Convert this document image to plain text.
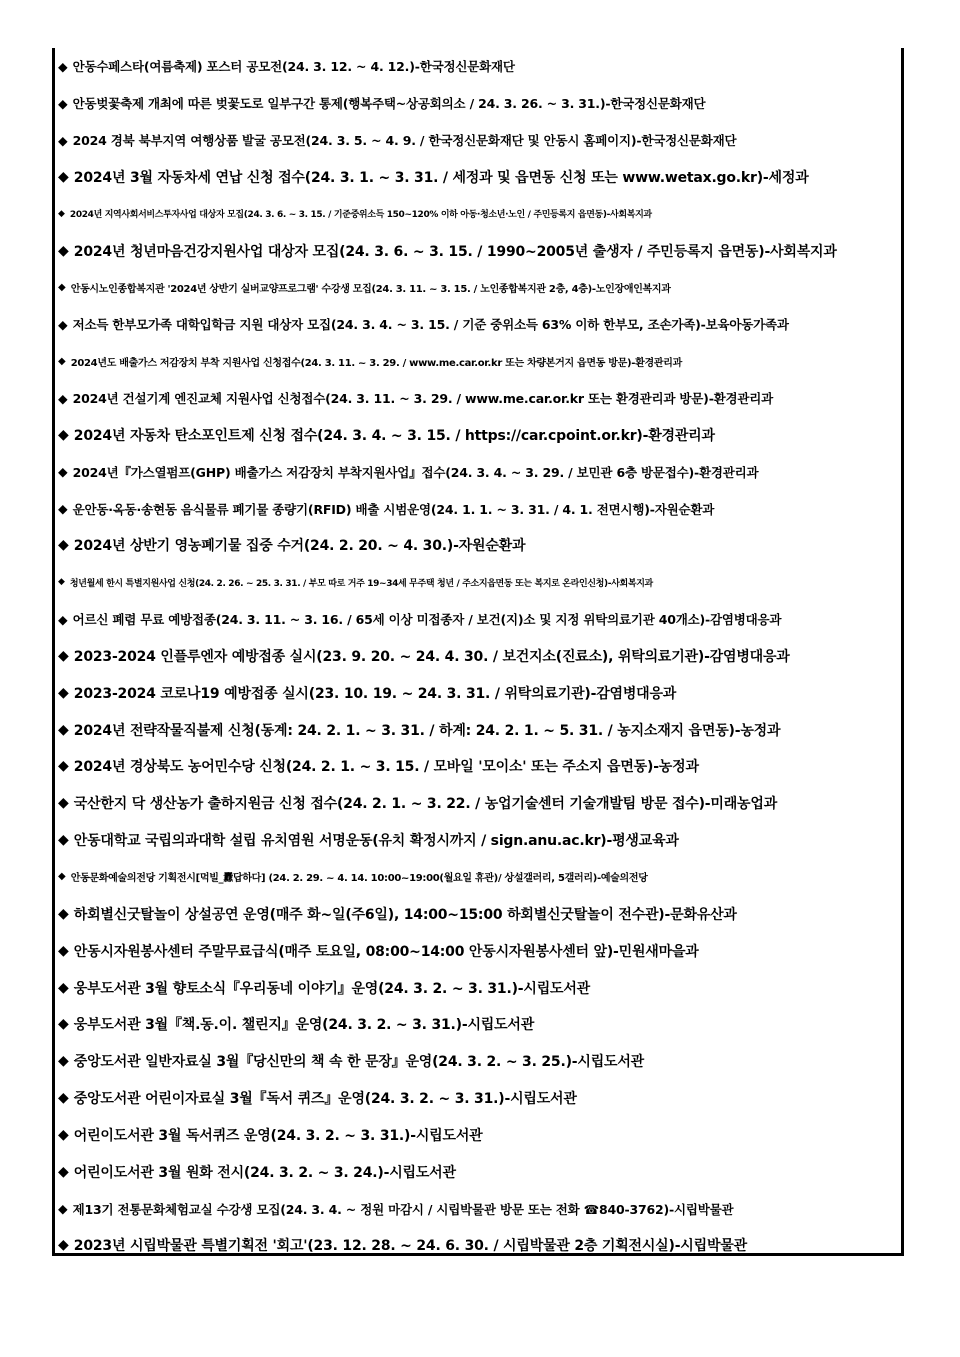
◆ 안동수페스타(여름축제) 포스터 공모전(24. 3. 12. ~ 4. 12.)-한국정신문화재단
◆ 안동벚꽃축제 개최에 따른 벚꽃도로 일부구간 통제(행복주택~상공회의소 / 24. 3. 26. ~ 3. 31.)-한국정신문화재단
◆ 2024 경북 북부지역 여행상품 발굴 공모전(24. 3. 5. ~ 4. 9. / 한국정신문화재단 및 안동시 홈페이지)-한국정신문화재단
◆ 2024년 3월 자동차세 연납 신청 접수(24. 3. 1. ~ 3. 31. / 세정과 및 읍면동 신청 또는 www.wetax.go.kr)-세정과
◆ 2024년 지역사회서비스투자사업 대상자 모집(24. 3. 6. ~ 3. 15. / 기준중위소득 150~120% 이하 아동·청소년·노인 / 주민등록지 읍면동)-사회복지과
◆ 2024년 청년마음건강지원사업 대상자 모집(24. 3. 6. ~ 3. 15. / 1990~2005년 출생자 / 주민등록지 읍면동)-사회복지과
◆ 안동시노인종합복지관 '2024년 상반기 실버교양프로그램' 수강생 모집(24. 3. 11. ~ 3. 15. / 노인종합복지관 2층, 4층)-노인장애인복지과
◆ 저소득 한부모가족 대학입학금 지원 대상자 모집(24. 3. 4. ~ 3. 15. / 기준 중위소득 63% 이하 한부모, 조손가족)-보육아동가족과
◆ 2024년도 배출가스 저감장치 부착 지원사업 신청접수(24. 3. 11. ~ 3. 29. / www.me.car.or.kr 또는 차량본거지 읍면동 방문)-환경관리과
◆ 2024년 건설기계 엔진교체 지원사업 신청접수(24. 3. 11. ~ 3. 29. / www.me.car.or.kr 또는 환경관리과 방문)-환경관리과
◆ 2024년 자동차 탄소포인트제 신청 접수(24. 3. 4. ~ 3. 15. / https://car.cpoint.or.kr)-환경관리과
◆ 2024년『가스열펌프(GHP) 배출가스 저감장치 부착지원사업』접수(24. 3. 4. ~ 3. 29. / 보민관 6층 방문접수)-환경관리과
◆ 운안동·옥동·송현동 음식물류 폐기물 종량기(RFID) 배출 시범운영(24. 1. 1. ~ 3. 31. / 4. 1. 전면시행)-자원순환과
◆ 2024년 상반기 영농폐기물 집중 수거(24. 2. 20. ~ 4. 30.)-자원순환과
◆ 청년월세 한시 특별지원사업 신청(24. 2. 26. ~ 25. 3. 31. / 부모 따로 거주 19~34세 무주택 청년 / 주소지읍면동 또는 복지로 온라인신청)-사회복지과
◆ 어르신 폐렴 무료 예방접종(24. 3. 11. ~ 3. 16. / 65세 이상 미접종자 / 보건(지)소 및 지정 위탁의료기관 40개소)-감염병대응과
◆ 2023-2024 인플루엔자 예방접종 실시(23. 9. 20. ~ 24. 4. 30. / 보건지소(진료소), 위탁의료기관)-감염병대응과
◆ 2023-2024 코로나19 예방접종 실시(23. 10. 19. ~ 24. 3. 31. / 위탁의료기관)-감염병대응과
◆ 2024년 전략작물직불제 신청(동계: 24. 2. 1. ~ 3. 31. / 하계: 24. 2. 1. ~ 5. 31. / 농지소재지 읍면동)-농정과
◆ 2024년 경상북도 농어민수당 신청(24. 2. 1. ~ 3. 15. / 모바일 '모이소' 또는 주소지 읍면동)-농정과
◆ 국산한지 닥 생산농가 출하지원금 신청 접수(24. 2. 1. ~ 3. 22. / 농업기술센터 기술개발팀 방문 접수)-미래농업과
◆ 안동대학교 국립의과대학 설립 유치염원 서명운동(유치 확정시까지 / sign.anu.ac.kr)-평생교육과
◆ 안동문화예술의전당 기획전시[먹빌_纛답하다] (24. 2. 29. ~ 4. 14. 10:00~19:00(월요일 휴관)/ 상설갤러리, 5갤러리)-예술의전당
◆ 하회별신굿탈놀이 상설공연 운영(매주 화~일(주6일), 14:00~15:00 하회별신굿탈놀이 전수관)-문화유산과
◆ 안동시자원봉사센터 주말무료급식(매주 토요일, 08:00~14:00 안동시자원봉사센터 앞)-민원새마을과
◆ 웅부도서관 3월 향토소식『우리동네 이야기』운영(24. 3. 2. ~ 3. 31.)-시립도서관
◆ 웅부도서관 3월『책.동.이. 챌린지』운영(24. 3. 2. ~ 3. 31.)-시립도서관
◆ 중앙도서관 일반자료실 3월『당신만의 책 속 한 문장』운영(24. 3. 2. ~ 3. 25.)-시립도서관
◆ 중앙도서관 어린이자료실 3월『독서 퀴즈』운영(24. 3. 2. ~ 3. 31.)-시립도서관
◆ 어린이도서관 3월 독서퀴즈 운영(24. 3. 2. ~ 3. 31.)-시립도서관
◆ 어린이도서관 3월 원화 전시(24. 3. 2. ~ 3. 24.)-시립도서관
◆ 제13기 전통문화체험교실 수강생 모집(24. 3. 4. ~ 정원 마감시 / 시립박물관 방문 또는 전화 ☎840-3762)-시립박물관
◆ 2023년 시립박물관 특별기획전 '회고'(23. 12. 28. ~ 24. 6. 30. / 시립박물관 2층 기획전시실)-시립박물관
